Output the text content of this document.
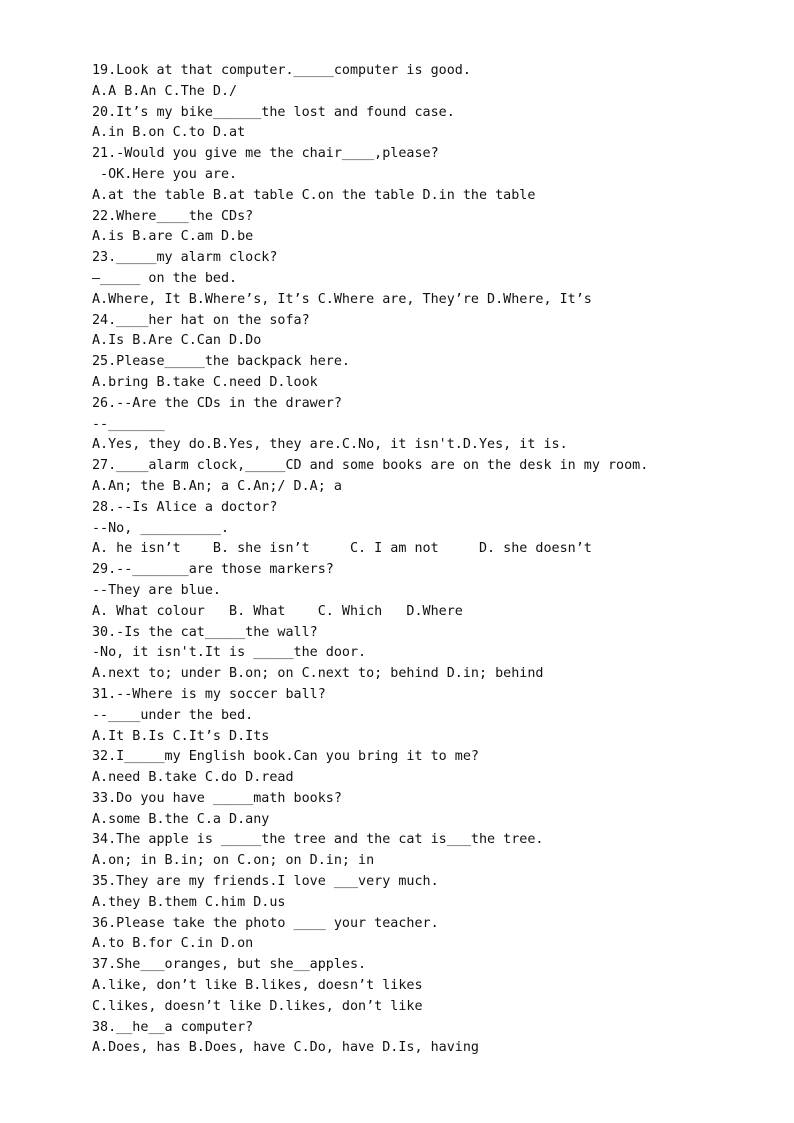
19.Look at that computer._____computer is good.
A.A B.An C.The D./
20.It’s my bike______the lost and found case.
A.in B.on C.to D.at
21.-Would you give me the chair____,please?
-OK.Here you are.
A.at the table B.at table C.on the table D.in the table
22.Where____the CDs?
A.is B.are C.am D.be
23._____my alarm clock?
—_____ on the bed.
A.Where, It B.Where’s, It’s C.Where are, They’re D.Where, It’s
24.____her hat on the sofa?
A.Is B.Are C.Can D.Do
25.Please_____the backpack here.
A.bring B.take C.need D.look
26.--Are the CDs in the drawer?
--_______
A.Yes, they do.B.Yes, they are.C.No, it isn't.D.Yes, it is.
27.____alarm clock,_____CD and some books are on the desk in my room.
A.An; the B.An; a C.An;/ D.A; a
28.--Is Alice a doctor?
--No, __________.
A. he isn’t    B. she isn’t     C. I am not     D. she doesn’t
29.--_______are those markers?
--They are blue.
A. What colour   B. What    C. Which   D.Where
30.-Is the cat_____the wall?
-No, it isn't.It is _____the door.
A.next to; under B.on; on C.next to; behind D.in; behind
31.--Where is my soccer ball?
--____under the bed.
A.It B.Is C.It’s D.Its
32.I_____my English book.Can you bring it to me?
A.need B.take C.do D.read
33.Do you have _____math books?
A.some B.the C.a D.any
34.The apple is _____the tree and the cat is___the tree.
A.on; in B.in; on C.on; on D.in; in
35.They are my friends.I love ___very much.
A.they B.them C.him D.us
36.Please take the photo ____ your teacher.
A.to B.for C.in D.on
37.She___oranges, but she__apples.
A.like, don’t like B.likes, doesn’t likes
C.likes, doesn’t like D.likes, don’t like
38.__he__a computer?
A.Does, has B.Does, have C.Do, have D.Is, having
